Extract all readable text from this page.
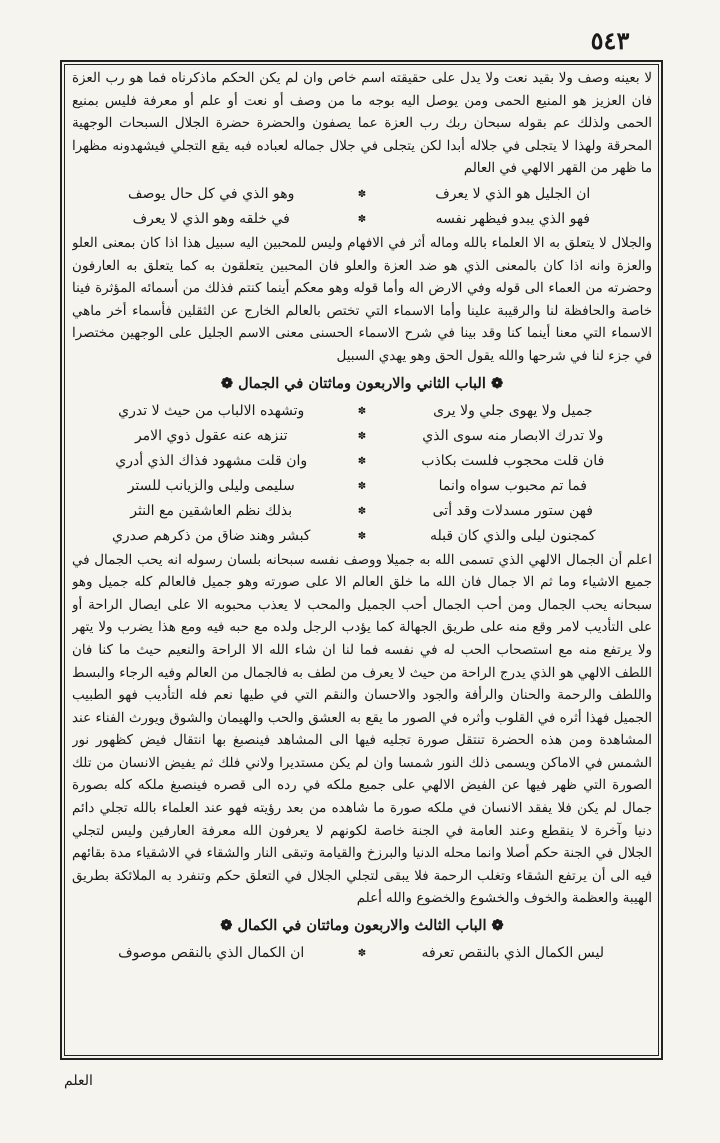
٥٤٣

لا بعينه وصف ولا بقيد نعت ولا يدل على حقيقته اسم خاص وان لم يكن الحكم ماذكرناه فما هو رب العزة فان العزيز هو المنيع الحمى ومن يوصل اليه بوجه ما من وصف أو نعت أو علم أو معرفة فليس بمنيع الحمى ولذلك عم بقوله سبحان ربك رب العزة عما يصفون والحضرة حضرة الجلال السبحات الوجهية المحرقة ولهذا لا يتجلى في جلاله أبدا لكن يتجلى في جلال جماله لعباده فبه يقع التجلي فيشهدونه مظهرا ما ظهر من القهر الالهي في العالم

ان الجليل هو الذي لا يعرف
✽
وهو الذي في كل حال يوصف
فهو الذي يبدو فيظهر نفسه
✽
في خلقه وهو الذي لا يعرف

والجلال لا يتعلق به الا العلماء بالله وماله أثر في الافهام وليس للمحبين اليه سبيل هذا اذا كان بمعنى العلو والعزة وانه اذا كان بالمعنى الذي هو ضد العزة والعلو فان المحبين يتعلقون به كما يتعلق به العارفون وحضرته من العماء الى قوله وفي الارض اله وأما قوله وهو معكم أينما كنتم فذلك من أسمائه المؤثرة فينا خاصة والحافظة لنا والرقيبة علينا وأما الاسماء التي تختص بالعالم الخارج عن الثقلين فأسماء أخر ماهي الاسماء التي معنا أينما كنا وقد بينا في شرح الاسماء الحسنى معنى الاسم الجليل على الوجهين مختصرا في جزء لنا في شرحها والله يقول الحق وهو يهدي السبيل

❁ الباب الثاني والاربعون وماثتان في الجمال ❁
جميل ولا يهوى جلي ولا يرى
✽
وتشهده الالباب من حيث لا تدري
ولا تدرك الابصار منه سوى الذي
✽
تنزهه عنه عقول ذوي الامر
فان قلت محجوب فلست بكاذب
✽
وان قلت مشهود فذاك الذي أدري
فما تم محبوب سواه وانما
✽
سليمى وليلى والزيانب للستر
فهن ستور مسدلات وقد أتى
✽
بذلك نظم العاشقين مع النثر
كمجنون ليلى والذي كان قبله
✽
كبشر وهند ضاق من ذكرهم صدري

اعلم أن الجمال الالهي الذي تسمى الله به جميلا ووصف نفسه سبحانه بلسان رسوله انه يحب الجمال في جميع الاشياء وما ثم الا جمال فان الله ما خلق العالم الا على صورته وهو جميل فالعالم كله جميل وهو سبحانه يحب الجمال ومن أحب الجمال أحب الجميل والمحب لا يعذب محبوبه الا على ايصال الراحة أو على التأديب لامر وقع منه على طريق الجهالة كما يؤدب الرجل ولده مع حبه فيه ومع هذا يضرب ولا يتهر ولا يرتفع منه مع استصحاب الحب له في نفسه فما لنا ان شاء الله الا الراحة والنعيم حيث ما كنا فان اللطف الالهي هو الذي يدرج الراحة من حيث لا يعرف من لطف به فالجمال من العالم وفيه الرجاء والبسط واللطف والرحمة والحنان والرأفة والجود والاحسان والنقم التي في طيها نعم فله التأديب فهو الطبيب الجميل فهذا أثره في القلوب وأثره في الصور ما يقع به العشق والحب والهيمان والشوق ويورث الفناء عند المشاهدة ومن هذه الحضرة تنتقل صورة تجليه فيها الى المشاهد فينصبغ بها انتقال فيض كظهور نور الشمس في الاماكن ويسمى ذلك النور شمسا وان لم يكن مستديرا ولاني فلك ثم يفيض الانسان من تلك الصورة التي ظهر فيها عن الفيض الالهي على جميع ملكه في رده الى قصره فينصبغ ملكه كله بصورة جمال لم يكن فلا يفقد الانسان في ملكه صورة ما شاهده من بعد رؤيته فهو عند العلماء بالله تجلي دائم دنيا وآخرة لا ينقطع وعند العامة في الجنة خاصة لكونهم لا يعرفون الله معرفة العارفين وليس لتجلي الجلال في الجنة حكم أصلا وانما محله الدنيا والبرزخ والقيامة وتبقى النار والشقاء في الاشقياء مدة بقائهم فيه الى أن يرتفع الشقاء وتغلب الرحمة فلا يبقى لتجلي الجلال في التعلق حكم وتنفرد به الملائكة بطريق الهيبة والعظمة والخوف والخشوع والخضوع والله أعلم

❁ الباب الثالث والاربعون وماثتان في الكمال ❁
ليس الكمال الذي بالنقص تعرفه
✽
ان الكمال الذي بالنقص موصوف
العلم
